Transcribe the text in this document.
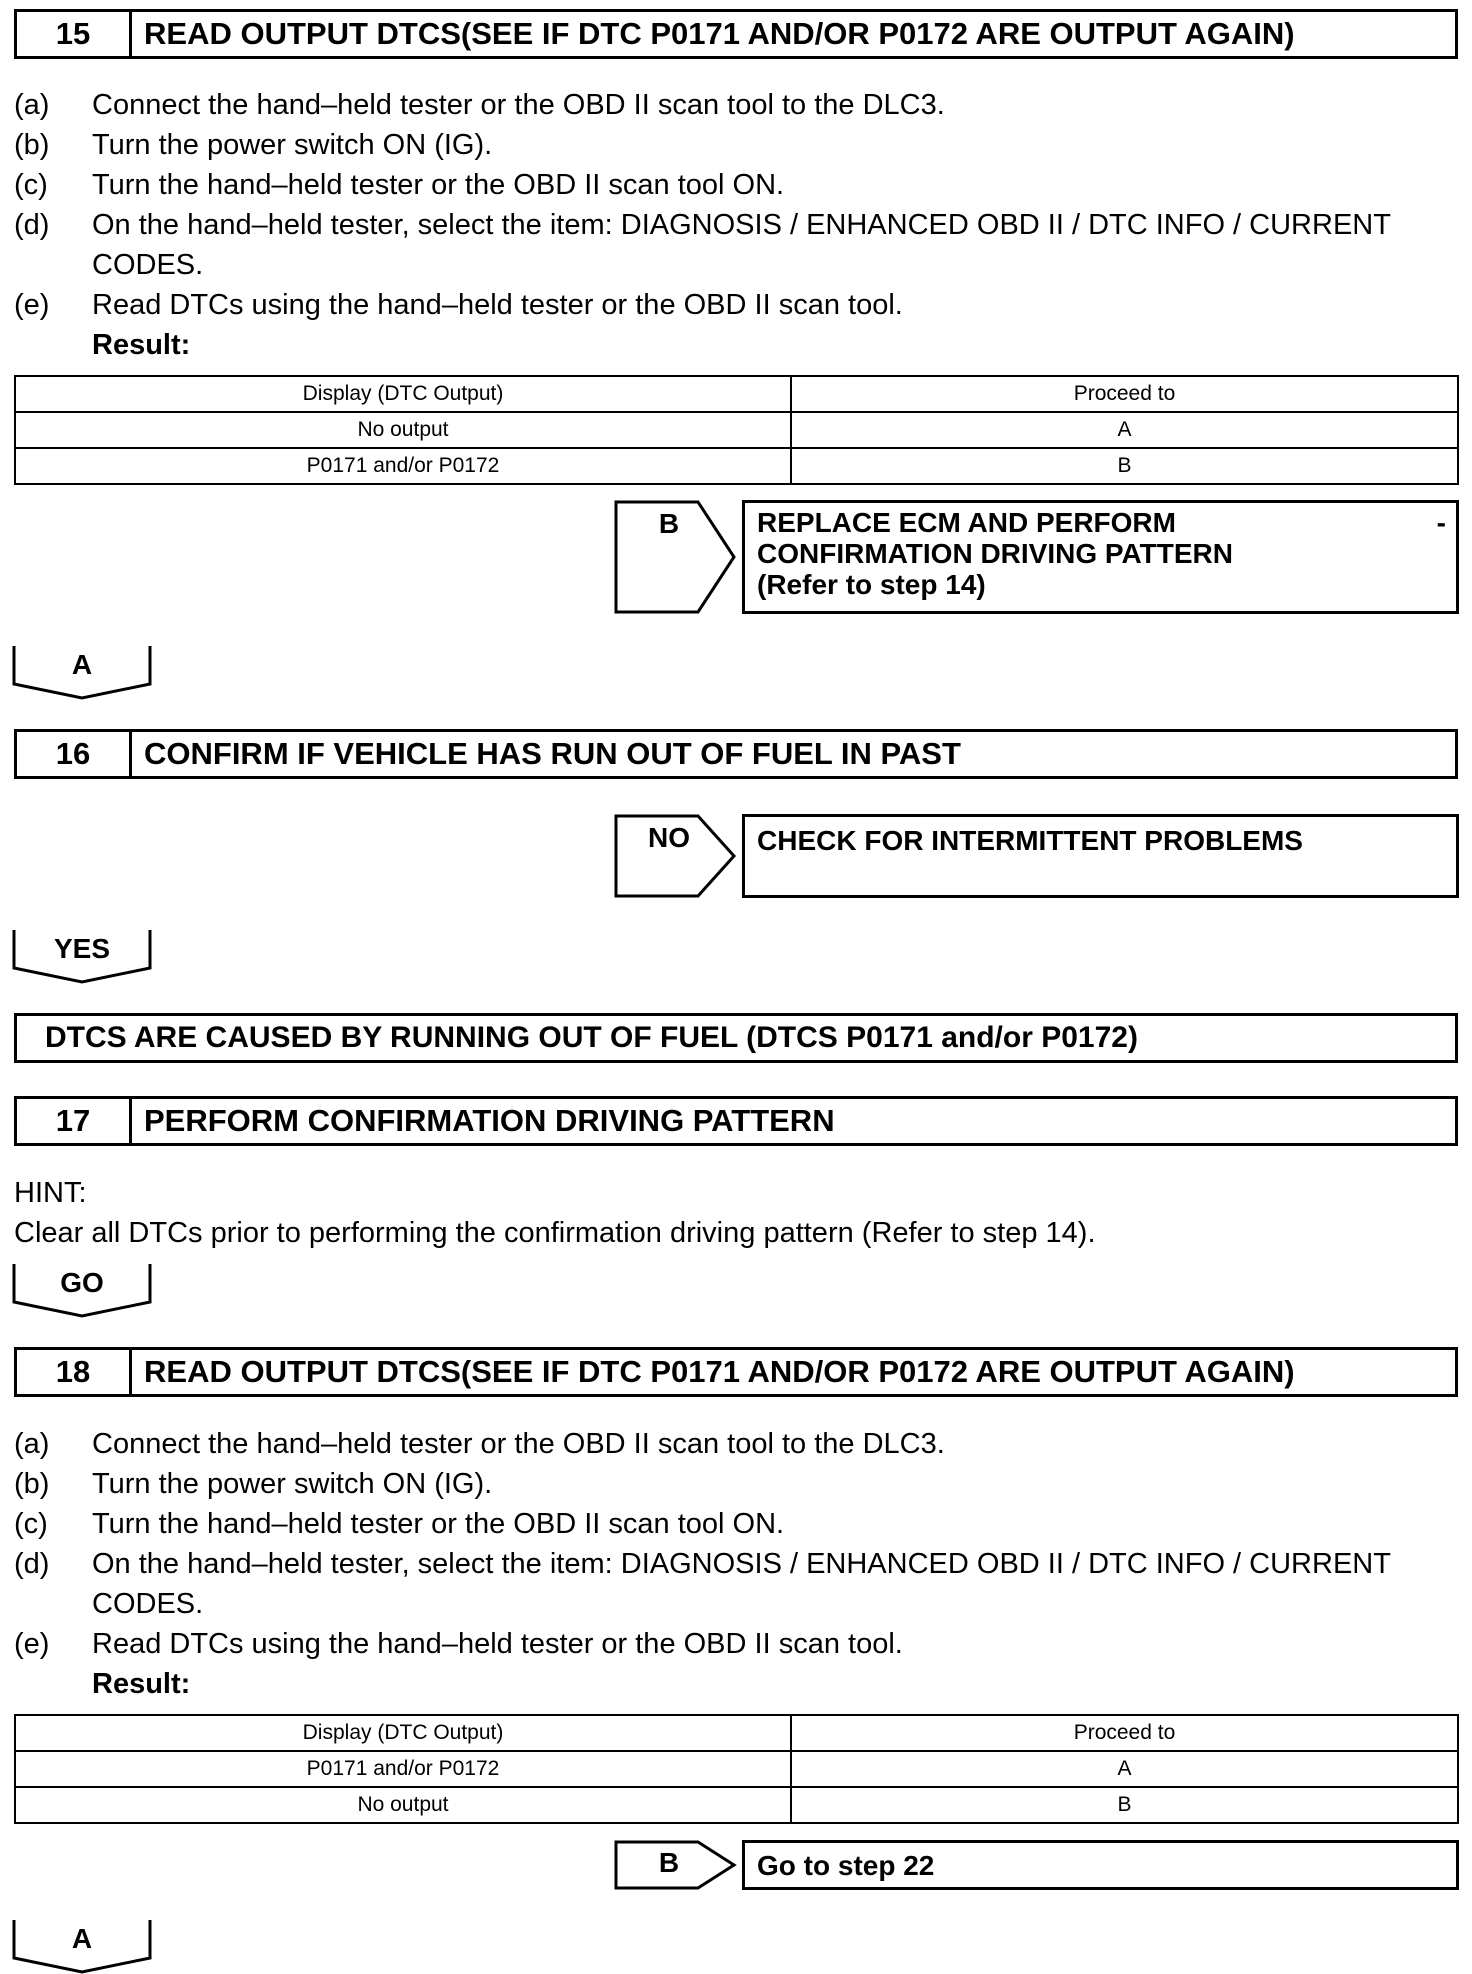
15	READ OUTPUT DTCS(SEE IF DTC P0171 AND/OR P0172 ARE OUTPUT AGAIN)
(a)	Connect the hand–held tester or the OBD II scan tool to the DLC3.
(b)	Turn the power switch ON (IG).
(c)	Turn the hand–held tester or the OBD II scan tool ON.
(d)	On the hand–held tester, select the item: DIAGNOSIS / ENHANCED OBD II / DTC INFO / CURRENT CODES.
(e)	Read DTCs using the hand–held tester or the OBD II scan tool.
Result:
Display (DTC Output)	Proceed to
No output	A
P0171 and/or P0172	B
B	REPLACE ECM AND PERFORM
CONFIRMATION DRIVING PATTERN
(Refer to step 14)
-
A
16	CONFIRM IF VEHICLE HAS RUN OUT OF FUEL IN PAST
NO	CHECK FOR INTERMITTENT PROBLEMS
YES
DTCS ARE CAUSED BY RUNNING OUT OF FUEL (DTCS P0171 and/or P0172)
17	PERFORM CONFIRMATION DRIVING PATTERN
HINT:
Clear all DTCs prior to performing the confirmation driving pattern (Refer to step 14).
GO
18	READ OUTPUT DTCS(SEE IF DTC P0171 AND/OR P0172 ARE OUTPUT AGAIN)
(a)	Connect the hand–held tester or the OBD II scan tool to the DLC3.
(b)	Turn the power switch ON (IG).
(c)	Turn the hand–held tester or the OBD II scan tool ON.
(d)	On the hand–held tester, select the item: DIAGNOSIS / ENHANCED OBD II / DTC INFO / CURRENT CODES.
(e)	Read DTCs using the hand–held tester or the OBD II scan tool.
Result:
Display (DTC Output)	Proceed to
P0171 and/or P0172	A
No output	B
B	Go to step 22
A
